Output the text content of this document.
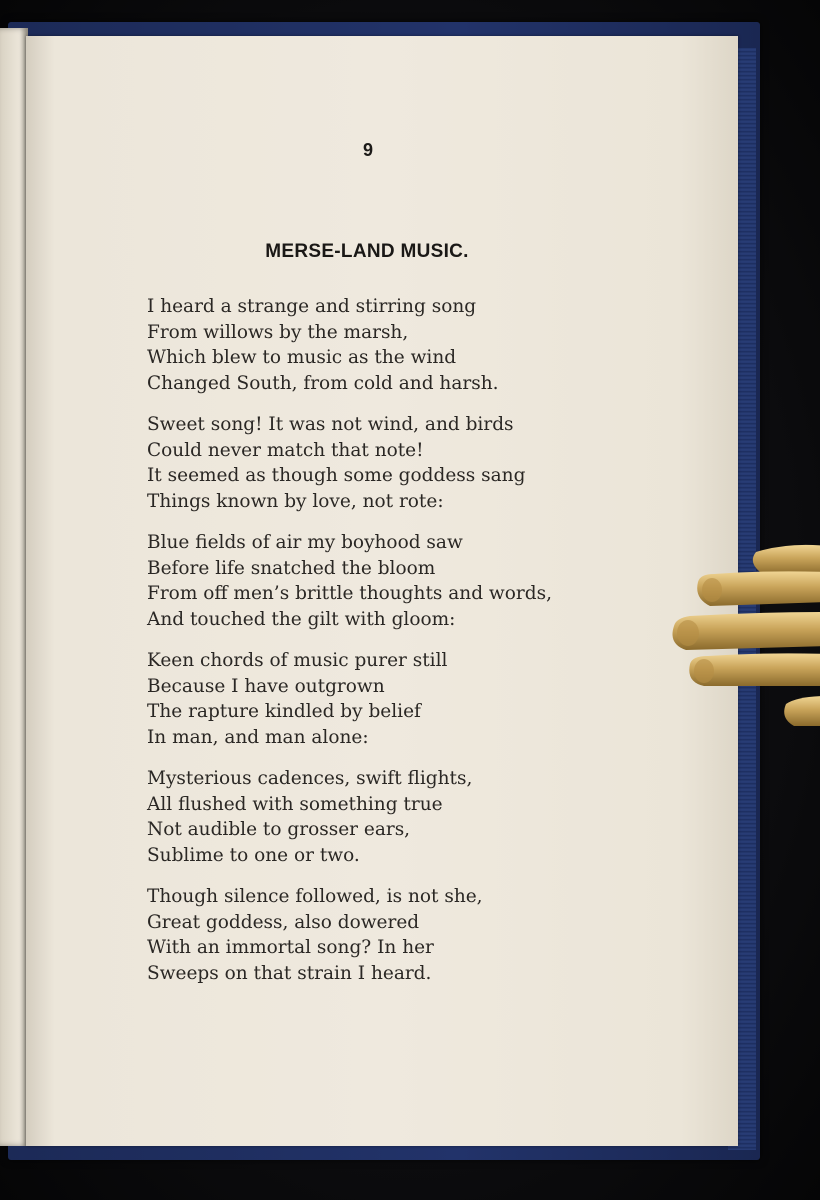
9
MERSE-LAND MUSIC.
I heard a strange and stirring song
From willows by the marsh,
Which blew to music as the wind
Changed South, from cold and harsh.
Sweet song! It was not wind, and birds
Could never match that note!
It seemed as though some goddess sang
Things known by love, not rote:
Blue fields of air my boyhood saw
Before life snatched the bloom
From off men’s brittle thoughts and words,
And touched the gilt with gloom:
Keen chords of music purer still
Because I have outgrown
The rapture kindled by belief
In man, and man alone:
Mysterious cadences, swift flights,
All flushed with something true
Not audible to grosser ears,
Sublime to one or two.
Though silence followed, is not she,
Great goddess, also dowered
With an immortal song? In her
Sweeps on that strain I heard.
